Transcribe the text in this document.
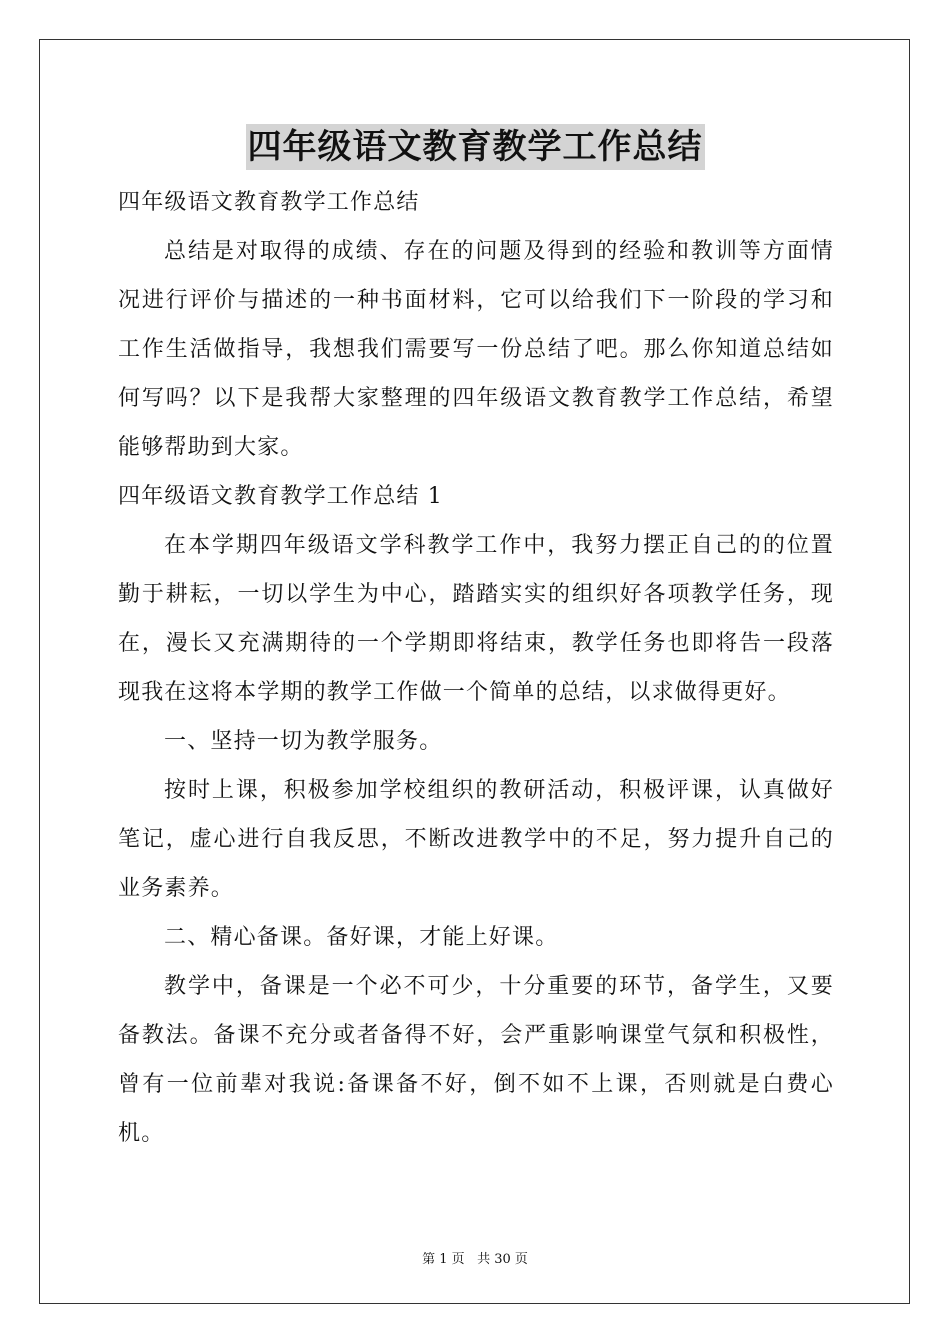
四年级语文教育教学工作总结

四年级语文教育教学工作总结

总结是对取得的成绩、存在的问题及得到的经验和教训等方面情况进行评价与描述的一种书面材料，它可以给我们下一阶段的学习和工作生活做指导，我想我们需要写一份总结了吧。那么你知道总结如何写吗？以下是我帮大家整理的四年级语文教育教学工作总结，希望能够帮助到大家。

四年级语文教育教学工作总结 1

在本学期四年级语文学科教学工作中，我努力摆正自己的的位置勤于耕耘，一切以学生为中心，踏踏实实的组织好各项教学任务，现在，漫长又充满期待的一个学期即将结束，教学任务也即将告一段落现我在这将本学期的教学工作做一个简单的总结，以求做得更好。

一、坚持一切为教学服务。

按时上课，积极参加学校组织的教研活动，积极评课，认真做好笔记，虚心进行自我反思，不断改进教学中的不足，努力提升自己的业务素养。

二、精心备课。备好课，才能上好课。

教学中，备课是一个必不可少，十分重要的环节，备学生，又要备教法。备课不充分或者备得不好，会严重影响课堂气氛和积极性，曾有一位前辈对我说:备课备不好，倒不如不上课，否则就是白费心机。

第 1 页 共 30 页
